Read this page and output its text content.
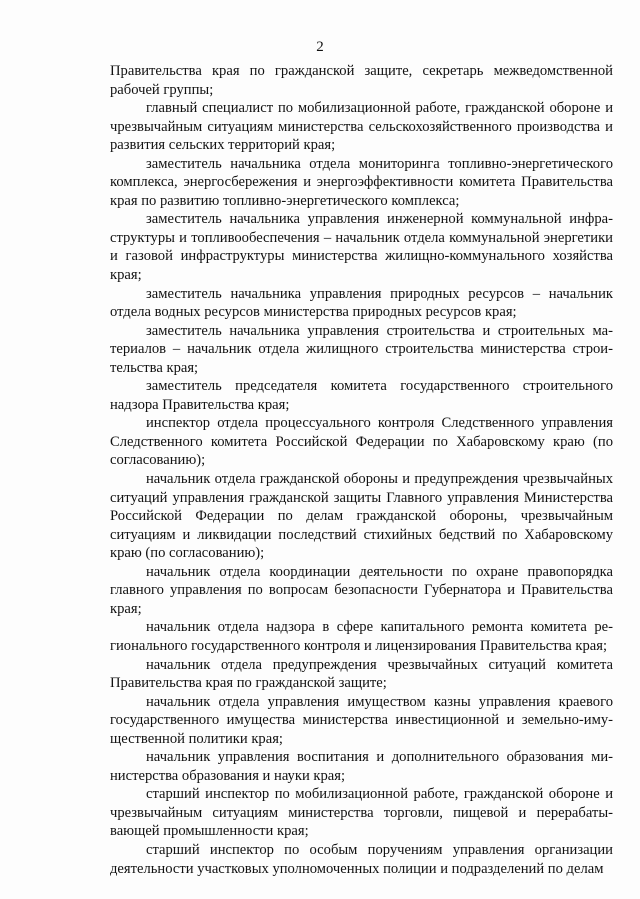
2

Правительства края по гражданской защите, секретарь межведомственной рабочей группы;

главный специалист по мобилизационной работе, гражданской обороне и чрезвычайным ситуациям министерства сельскохозяйственного производства и развития сельских территорий края;

заместитель начальника отдела мониторинга топливно-энергетического комплекса, энергосбережения и энергоэффективности комитета Правительства края по развитию топливно-энергетического комплекса;

заместитель начальника управления инженерной коммунальной инфраструктуры и топливообеспечения – начальник отдела коммунальной энергетики и газовой инфраструктуры министерства жилищно-коммунального хозяйства края;

заместитель начальника управления природных ресурсов – начальник отдела водных ресурсов министерства природных ресурсов края;

заместитель начальника управления строительства и строительных материалов – начальник отдела жилищного строительства министерства строительства края;

заместитель председателя комитета государственного строительного надзора Правительства края;

инспектор отдела процессуального контроля Следственного управления Следственного комитета Российской Федерации по Хабаровскому краю (по согласованию);

начальник отдела гражданской обороны и предупреждения чрезвычайных ситуаций управления гражданской защиты Главного управления Министерства Российской Федерации по делам гражданской обороны, чрезвычайным ситуациям и ликвидации последствий стихийных бедствий по Хабаровскому краю (по согласованию);

начальник отдела координации деятельности по охране правопорядка главного управления по вопросам безопасности Губернатора и Правительства края;

начальник отдела надзора в сфере капитального ремонта комитета регионального государственного контроля и лицензирования Правительства края;

начальник отдела предупреждения чрезвычайных ситуаций комитета Правительства края по гражданской защите;

начальник отдела управления имуществом казны управления краевого государственного имущества министерства инвестиционной и земельно-имущественной политики края;

начальник управления воспитания и дополнительного образования министерства образования и науки края;

старший инспектор по мобилизационной работе, гражданской обороне и чрезвычайным ситуациям министерства торговли, пищевой и перерабатывающей промышленности края;

старший инспектор по особым поручениям управления организации деятельности участковых уполномоченных полиции и подразделений по делам
